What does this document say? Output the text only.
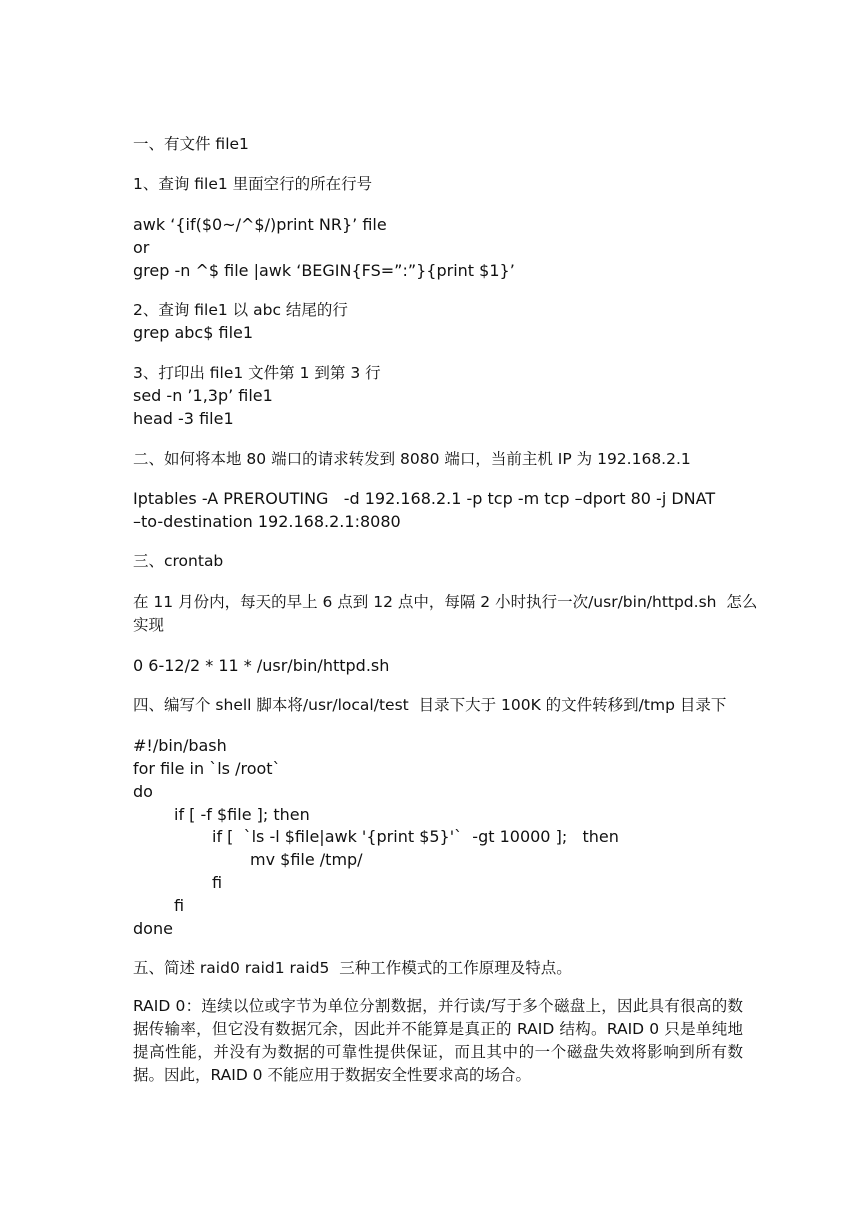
一、有文件 file1
1、查询 file1 里面空行的所在行号
awk ‘{if($0~/^$/)print NR}’ file
or
grep -n ^$ file |awk ‘BEGIN{FS=”:”}{print $1}’
2、查询 file1 以 abc 结尾的行
grep abc$ file1
3、打印出 file1 文件第 1 到第 3 行
sed -n ’1,3p’ file1
head -3 file1
二、如何将本地 80 端口的请求转发到 8080 端口，当前主机 IP 为 192.168.2.1
Iptables -A PREROUTING   -d 192.168.2.1 -p tcp -m tcp –dport 80 -j DNAT
–to-destination 192.168.2.1:8080
三、crontab
在 11 月份内，每天的早上 6 点到 12 点中，每隔 2 小时执行一次/usr/bin/httpd.sh  怎么
实现
0 6-12/2 * 11 * /usr/bin/httpd.sh
四、编写个 shell 脚本将/usr/local/test  目录下大于 100K 的文件转移到/tmp 目录下
#!/bin/bash
for file in `ls /root`
do
if [ -f $file ]; then
if [  `ls -l $file|awk '{print $5}'`  -gt 10000 ];   then
mv $file /tmp/
fi
fi
done
五、简述 raid0 raid1 raid5  三种工作模式的工作原理及特点。
RAID 0：连续以位或字节为单位分割数据，并行读/写于多个磁盘上，因此具有很高的数据传输率，但它没有数据冗余，因此并不能算是真正的 RAID 结构。RAID 0 只是单纯地提高性能，并没有为数据的可靠性提供保证，而且其中的一个磁盘失效将影响到所有数据。因此，RAID 0 不能应用于数据安全性要求高的场合。
